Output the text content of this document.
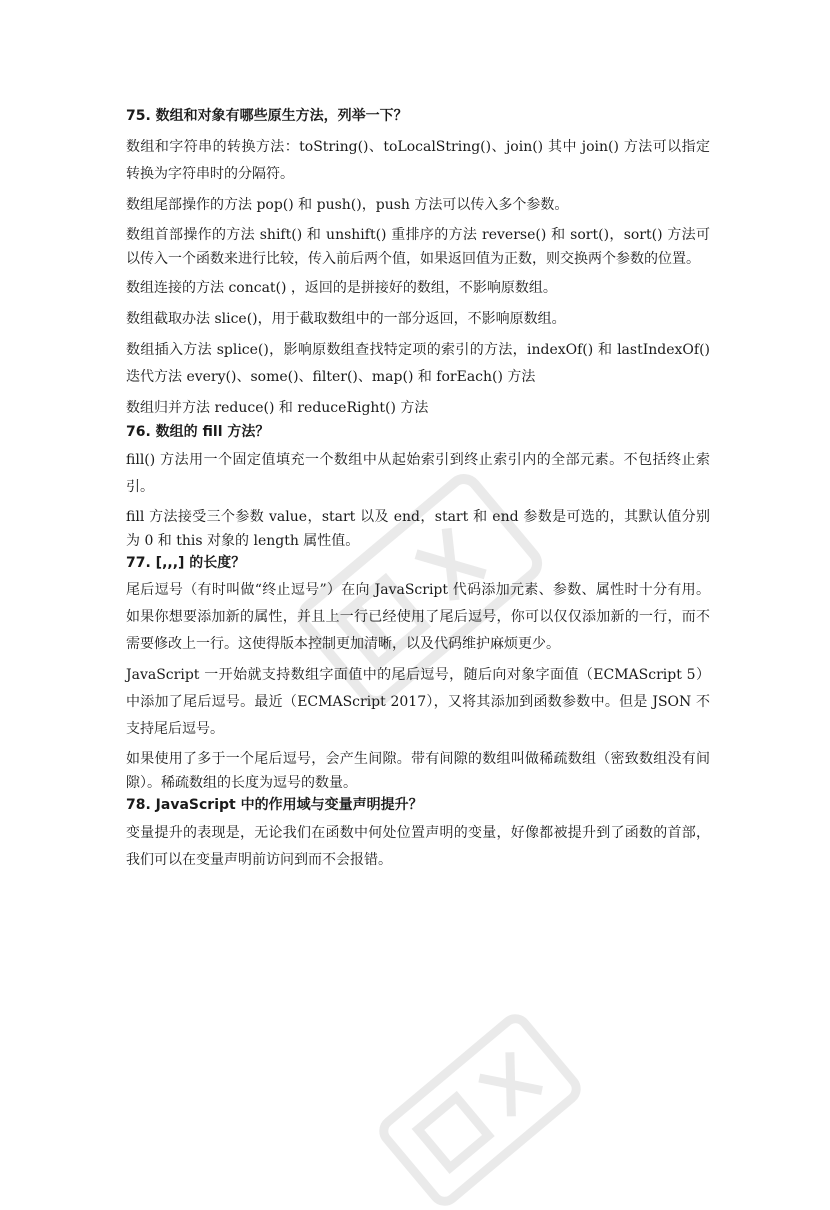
75. 数组和对象有哪些原生方法，列举一下？

数组和字符串的转换方法：toString()、toLocalString()、join() 其中 join() 方法可以指定转换为字符串时的分隔符。

数组尾部操作的方法 pop() 和 push()，push 方法可以传入多个参数。

数组首部操作的方法 shift() 和 unshift() 重排序的方法 reverse() 和 sort()，sort() 方法可以传入一个函数来进行比较，传入前后两个值，如果返回值为正数，则交换两个参数的位置。

数组连接的方法 concat() ，返回的是拼接好的数组，不影响原数组。

数组截取办法 slice()，用于截取数组中的一部分返回，不影响原数组。

数组插入方法 splice()，影响原数组查找特定项的索引的方法，indexOf() 和 lastIndexOf() 迭代方法 every()、some()、filter()、map() 和 forEach() 方法

数组归并方法 reduce() 和 reduceRight() 方法

76. 数组的 fill 方法？

fill() 方法用一个固定值填充一个数组中从起始索引到终止索引内的全部元素。不包括终止索引。

fill 方法接受三个参数 value，start 以及 end，start 和 end 参数是可选的，其默认值分别为 0 和 this 对象的 length 属性值。

77. [,,,] 的长度？

尾后逗号（有时叫做“终止逗号”）在向 JavaScript 代码添加元素、参数、属性时十分有用。如果你想要添加新的属性，并且上一行已经使用了尾后逗号，你可以仅仅添加新的一行，而不需要修改上一行。这使得版本控制更加清晰，以及代码维护麻烦更少。

JavaScript 一开始就支持数组字面值中的尾后逗号，随后向对象字面值（ECMAScript 5）中添加了尾后逗号。最近（ECMAScript 2017），又将其添加到函数参数中。但是 JSON 不支持尾后逗号。

如果使用了多于一个尾后逗号，会产生间隙。带有间隙的数组叫做稀疏数组（密致数组没有间隙）。稀疏数组的长度为逗号的数量。

78. JavaScript 中的作用域与变量声明提升？

变量提升的表现是，无论我们在函数中何处位置声明的变量，好像都被提升到了函数的首部，我们可以在变量声明前访问到而不会报错。
